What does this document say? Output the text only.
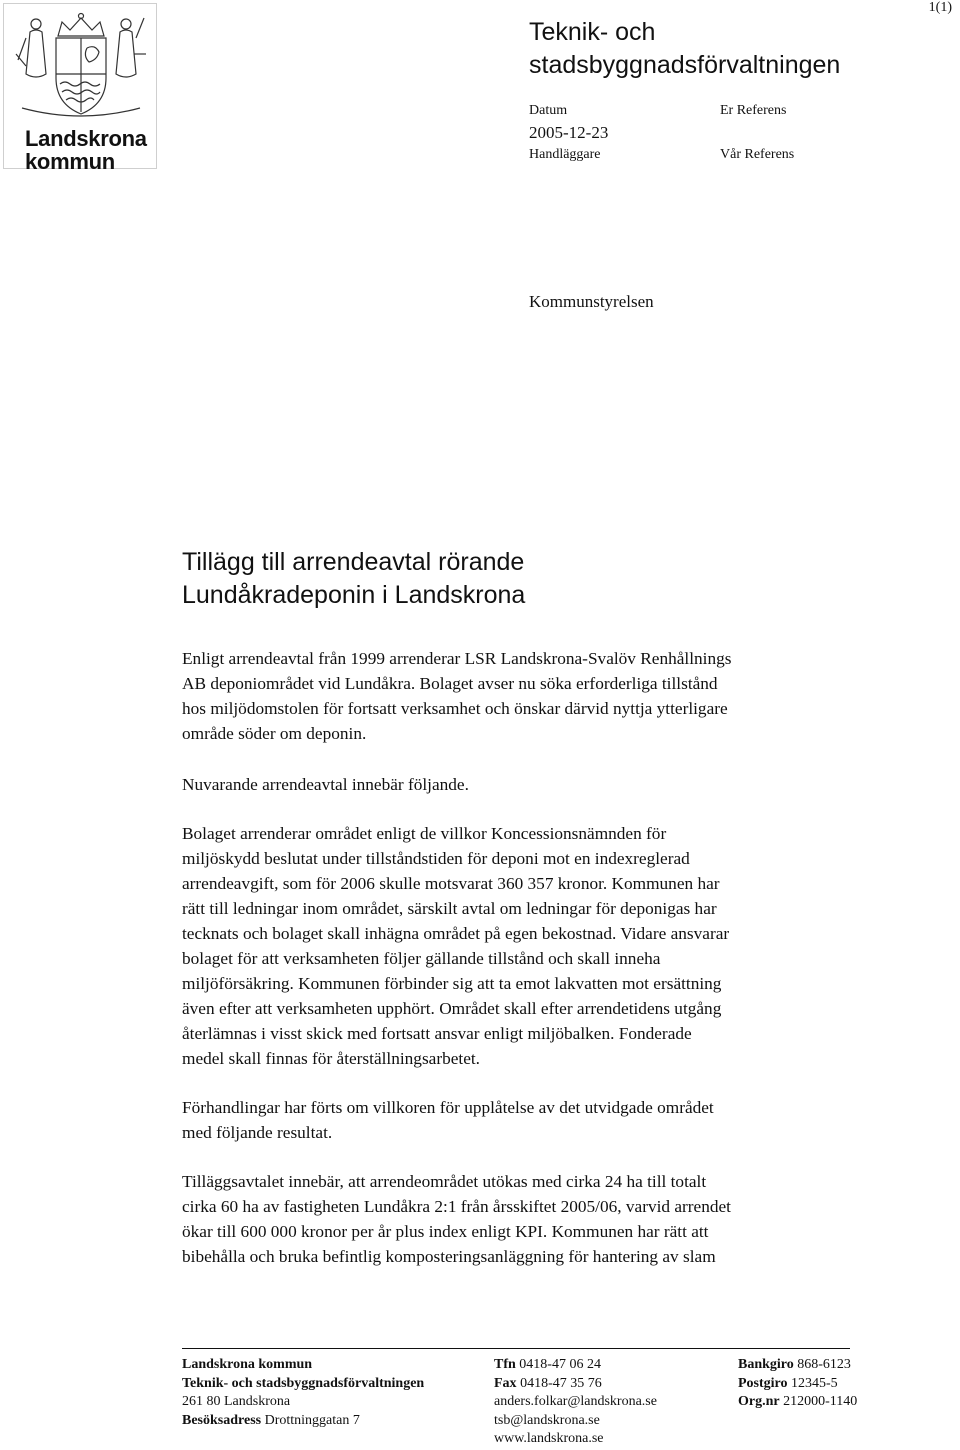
Landskrona
kommun
1(1)
Teknik- och
stadsbyggnadsförvaltningen
Datum
2005-12-23
Handläggare
Er Referens
Vår Referens
Kommunstyrelsen
Tillägg till arrendeavtal rörande
Lundåkradeponin i Landskrona
Enligt arrendeavtal från 1999 arrenderar LSR Landskrona-Svalöv Renhållnings
AB deponiområdet vid Lundåkra. Bolaget avser nu söka erforderliga tillstånd
hos miljödomstolen för fortsatt verksamhet och önskar därvid nyttja ytterligare
område söder om deponin.
Nuvarande arrendeavtal innebär följande.
Bolaget arrenderar området enligt de villkor Koncessionsnämnden för
miljöskydd beslutat under tillståndstiden för deponi mot en indexreglerad
arrendeavgift, som för 2006 skulle motsvarat 360 357 kronor. Kommunen har
rätt till ledningar inom området, särskilt avtal om ledningar för deponigas har
tecknats och bolaget skall inhägna området på egen bekostnad. Vidare ansvarar
bolaget för att verksamheten följer gällande tillstånd och skall inneha
miljöförsäkring. Kommunen förbinder sig att ta emot lakvatten mot ersättning
även efter att verksamheten upphört. Området skall efter arrendetidens utgång
återlämnas i visst skick med fortsatt ansvar enligt miljöbalken. Fonderade
medel skall finnas för återställningsarbetet.
Förhandlingar har förts om villkoren för upplåtelse av det utvidgade området
med följande resultat.
Tilläggsavtalet innebär, att arrendeområdet utökas med cirka 24 ha till totalt
cirka 60 ha av fastigheten Lundåkra 2:1 från årsskiftet 2005/06, varvid arrendet
ökar till 600 000 kronor per år plus index enligt KPI. Kommunen har rätt att
bibehålla och bruka befintlig komposteringsanläggning för hantering av slam
Landskrona kommun
Teknik- och stadsbyggnadsförvaltningen
261 80 Landskrona
Besöksadress Drottninggatan 7
Tfn 0418-47 06 24
Fax 0418-47 35 76
anders.folkar@landskrona.se
tsb@landskrona.se
www.landskrona.se
Bankgiro 868-6123
Postgiro 12345-5
Org.nr 212000-1140
